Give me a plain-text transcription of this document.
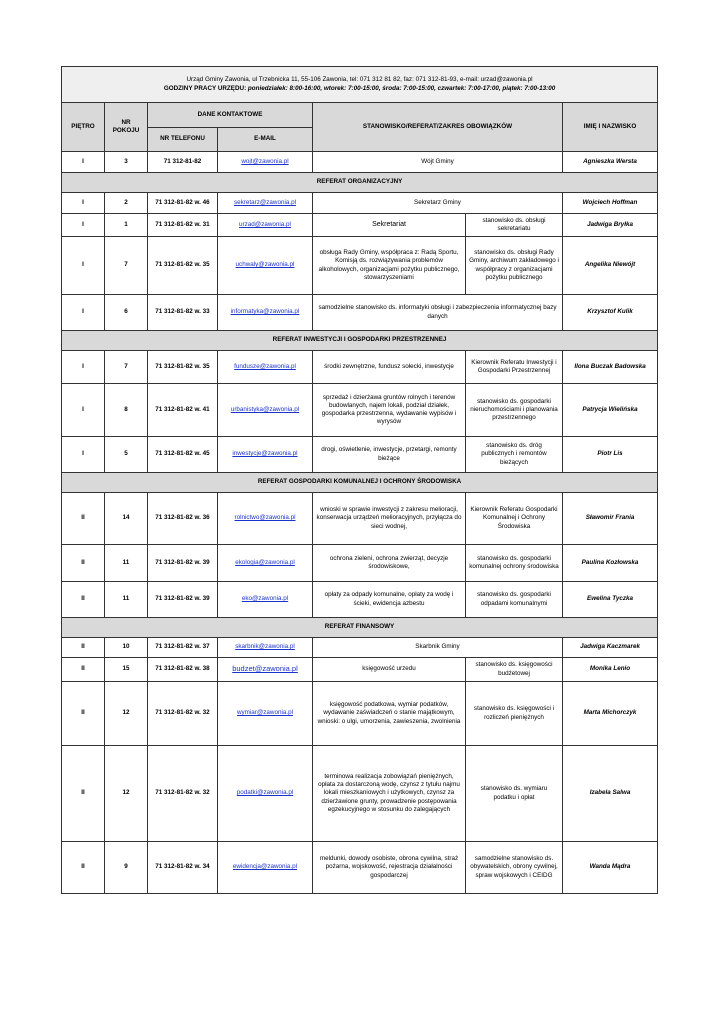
Urząd Gminy Zawonia, ul Trzebnicka 11, 55-106 Zawonia, tel: 071 312 81 82, faz: 071 312-81-93, e-mail: urzad@zawonia.pl
GODZINY PRACY URZĘDU: poniedziałek: 8:00-16:00, wtorek: 7:00-15:00, środa: 7:00-15:00, czwartek: 7:00-17:00, piątek: 7:00-13:00						

PIĘTRO	NR POKOJU	DANE KONTAKTOWE		STANOWISKO/REFERAT/ZAKRES OBOWIĄZKÓW		IMIĘ I NAZWISKO
		NR TELEFONU	E-MAIL			
I	3	71 312-81-82	wojt@zawonia.pl	Wójt Gminy		Agnieszka Wersta
REFERAT ORGANIZACYJNY						
I	2	71 312-81-82 w. 46	sekretarz@zawonia.pl	Sekretarz Gminy		Wojciech Hoffman
I	1	71 312-81-82 w. 31	urzad@zawonia.pl	Sekretariat	stanowisko ds. obsługi sekretariatu	Jadwiga Bryłka
I	7	71 312-81-82 w. 35	uchwaly@zawonia.pl	obsługa Rady Gminy, współpraca z: Radą Sportu, Komisją ds. rozwiązywania problemów alkoholowych, organizacjami pożytku publicznego, stowarzyszeniami	stanowisko ds. obsługi Rady Gminy, archiwum zakładowego i współpracy z organizacjami pożytku publicznego	Angelika Niewójt
I	6	71 312-81-82 w. 33	informatyka@zawonia.pl	samodzielne stanowisko ds. informatyki obsługi i zabezpieczenia informatycznej bazy danych		Krzysztof Kulik
REFERAT INWESTYCJI I GOSPODARKI PRZESTRZENNEJ						
I	7	71 312-81-82 w. 35	fundusze@zawonia.pl	środki zewnętrzne, fundusz sołecki, inwestycje	Kierownik Referatu Inwestycji i Gospodarki Przestrzennej	Ilona Buczak Badowska
I	8	71 312-81-82 w. 41	urbanistyka@zawonia.pl	sprzedaż i dzierżawa gruntów rolnych i terenów budowlanych, najem lokali, podział działek, gospodarka przestrzenna, wydawanie wypisów i wyrysów	stanowisko ds. gospodarki nieruchomościami i planowania przestrzennego	Patrycja Wielińska
I	5	71 312-81-82 w. 45	inwestycje@zawonia.pl	drogi, oświetlenie, inwestycje, przetargi, remonty bieżące	stanowisko ds. dróg publicznych i remontów bieżących	Piotr Lis
REFERAT GOSPODARKI KOMUNALNEJ I OCHRONY ŚRODOWISKA						
II	14	71 312-81-82 w. 36	rolnictwo@zawonia.pl	wnioski w sprawie inwestycji z zakresu melioracji, konserwacja urządzeń melioracyjnych, przyłącza do sieci wodnej,	Kierownik Referatu Gospodarki Komunalnej i Ochrony Środowiska	Sławomir Frania
II	11	71 312-81-82 w. 39	ekologia@zawonia.pl	ochrona zieleni, ochrona zwierząt, decyzje środowiskowe,	stanowisko ds. gospodarki komunalnej ochrony środowiska	Paulina Kozłowska
II	11	71 312-81-82 w. 39	eko@zawonia.pl	opłaty za odpady komunalne, opłaty za wodę i ścieki, ewidencja azbestu	stanowisko ds. gospodarki odpadami komunalnymi	Ewelina Tyczka
REFERAT FINANSOWY						
II	10	71 312-81-82 w. 37	skarbnik@zawonia.pl	Skarbnik Gminy		Jadwiga Kaczmarek
II	15	71 312-81-82 w. 38	budzet@zawonia.pl	księgowość urzedu	stanowisko ds. księgowości budżetowej	Monika Lenio
II	12	71 312-81-82 w. 32	wymiar@zawonia.pl	księgowość podatkowa, wymiar podatków, wydawanie zaświadczeń o stanie majątkowym, wnioski: o ulgi, umorzenia, zawieszenia, zwolnienia	stanowisko ds. księgowości i rozliczeń pieniężnych	Marta Michorczyk
II	12	71 312-81-82 w. 32	podatki@zawonia.pl	terminowa realizacja zobowiązań pieniężnych, opłata za dostarczoną wodę, czynsz z tytułu najmu lokali mieszkaniowych i użytkowych, czynsz za dzierżawione grunty, prowadzenie postępowania egzekucyjnego w stosunku do zalegających	stanowisko ds. wymiaru podatku i opłat	Izabela Salwa
II	9	71 312-81-82 w. 34	ewidencja@zawonia.pl	meldunki, dowody osobiste, obrona cywilna, straż pożarna, wojskowość, rejestracja działalności gospodarczej	samodzielne stanowisko ds. obywatelskich, obrony cywilnej, spraw wojskowych i CEIDG	Wanda Mądra
